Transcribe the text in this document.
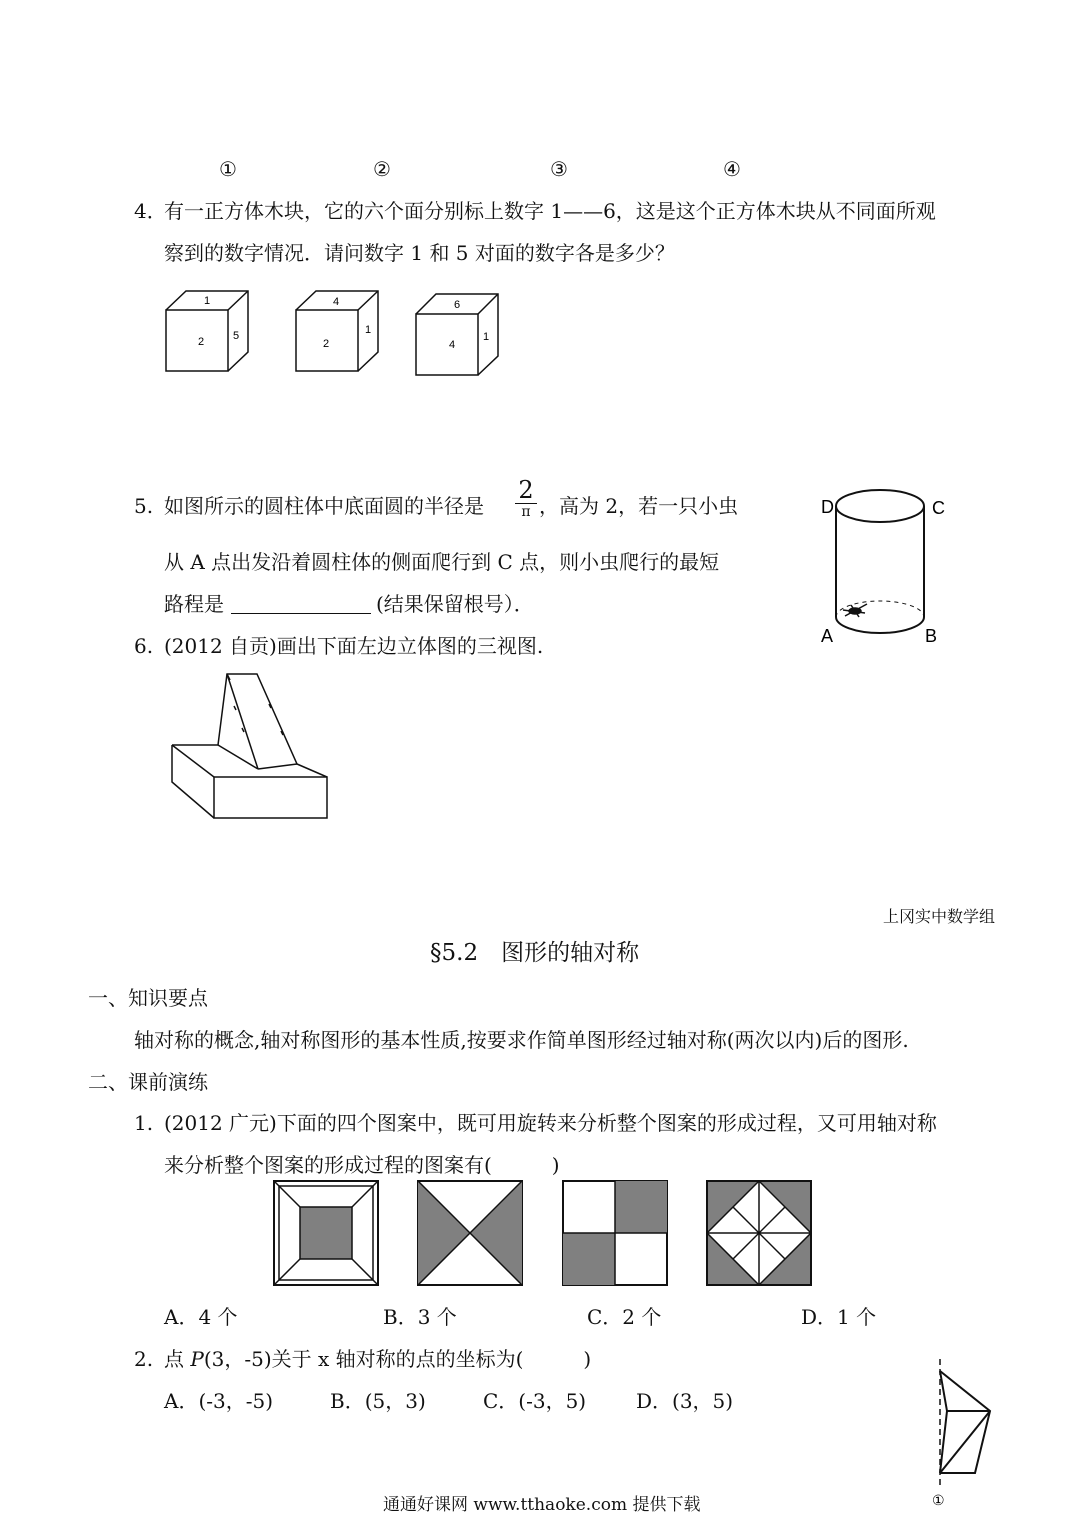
①	②	③	④
4．
有一正方体木块，它的六个面分别标上数字 1——6，这是这个正方体木块从不同面所观
察到的数字情况．请问数字 1 和 5 对面的数字各是多少？
1
2	5
4
2
1
6
4
1
5. 如图所示的圆柱体中底面圆的半径是
2
π ，高为 2，若一只小虫
从 A 点出发沿着圆柱体的侧面爬行到 C 点，则小虫爬行的最短
路程是	(结果保留根号）．
D	C
A	B
6. (2012 自贡)画出下面左边立体图的三视图.
上冈实中数学组
§5.2　图形的轴对称
一、知识要点
轴对称的概念,轴对称图形的基本性质,按要求作简单图形经过轴对称(两次以内)后的图形.
二、课前演练
1. (2012 广元)下面的四个图案中，既可用旋转来分析整个图案的形成过程，又可用轴对称
来分析整个图案的形成过程的图案有(　　　)
A．4 个	B．3 个	C．2 个	D．1 个
2. 点 P(3，-5)关于 x 轴对称的点的坐标为(　　　)
A．(-3，-5)	B．(5，3)	C．(-3，5) D．(3，5)
①
通通好课网 www.tthaoke.com 提供下载
